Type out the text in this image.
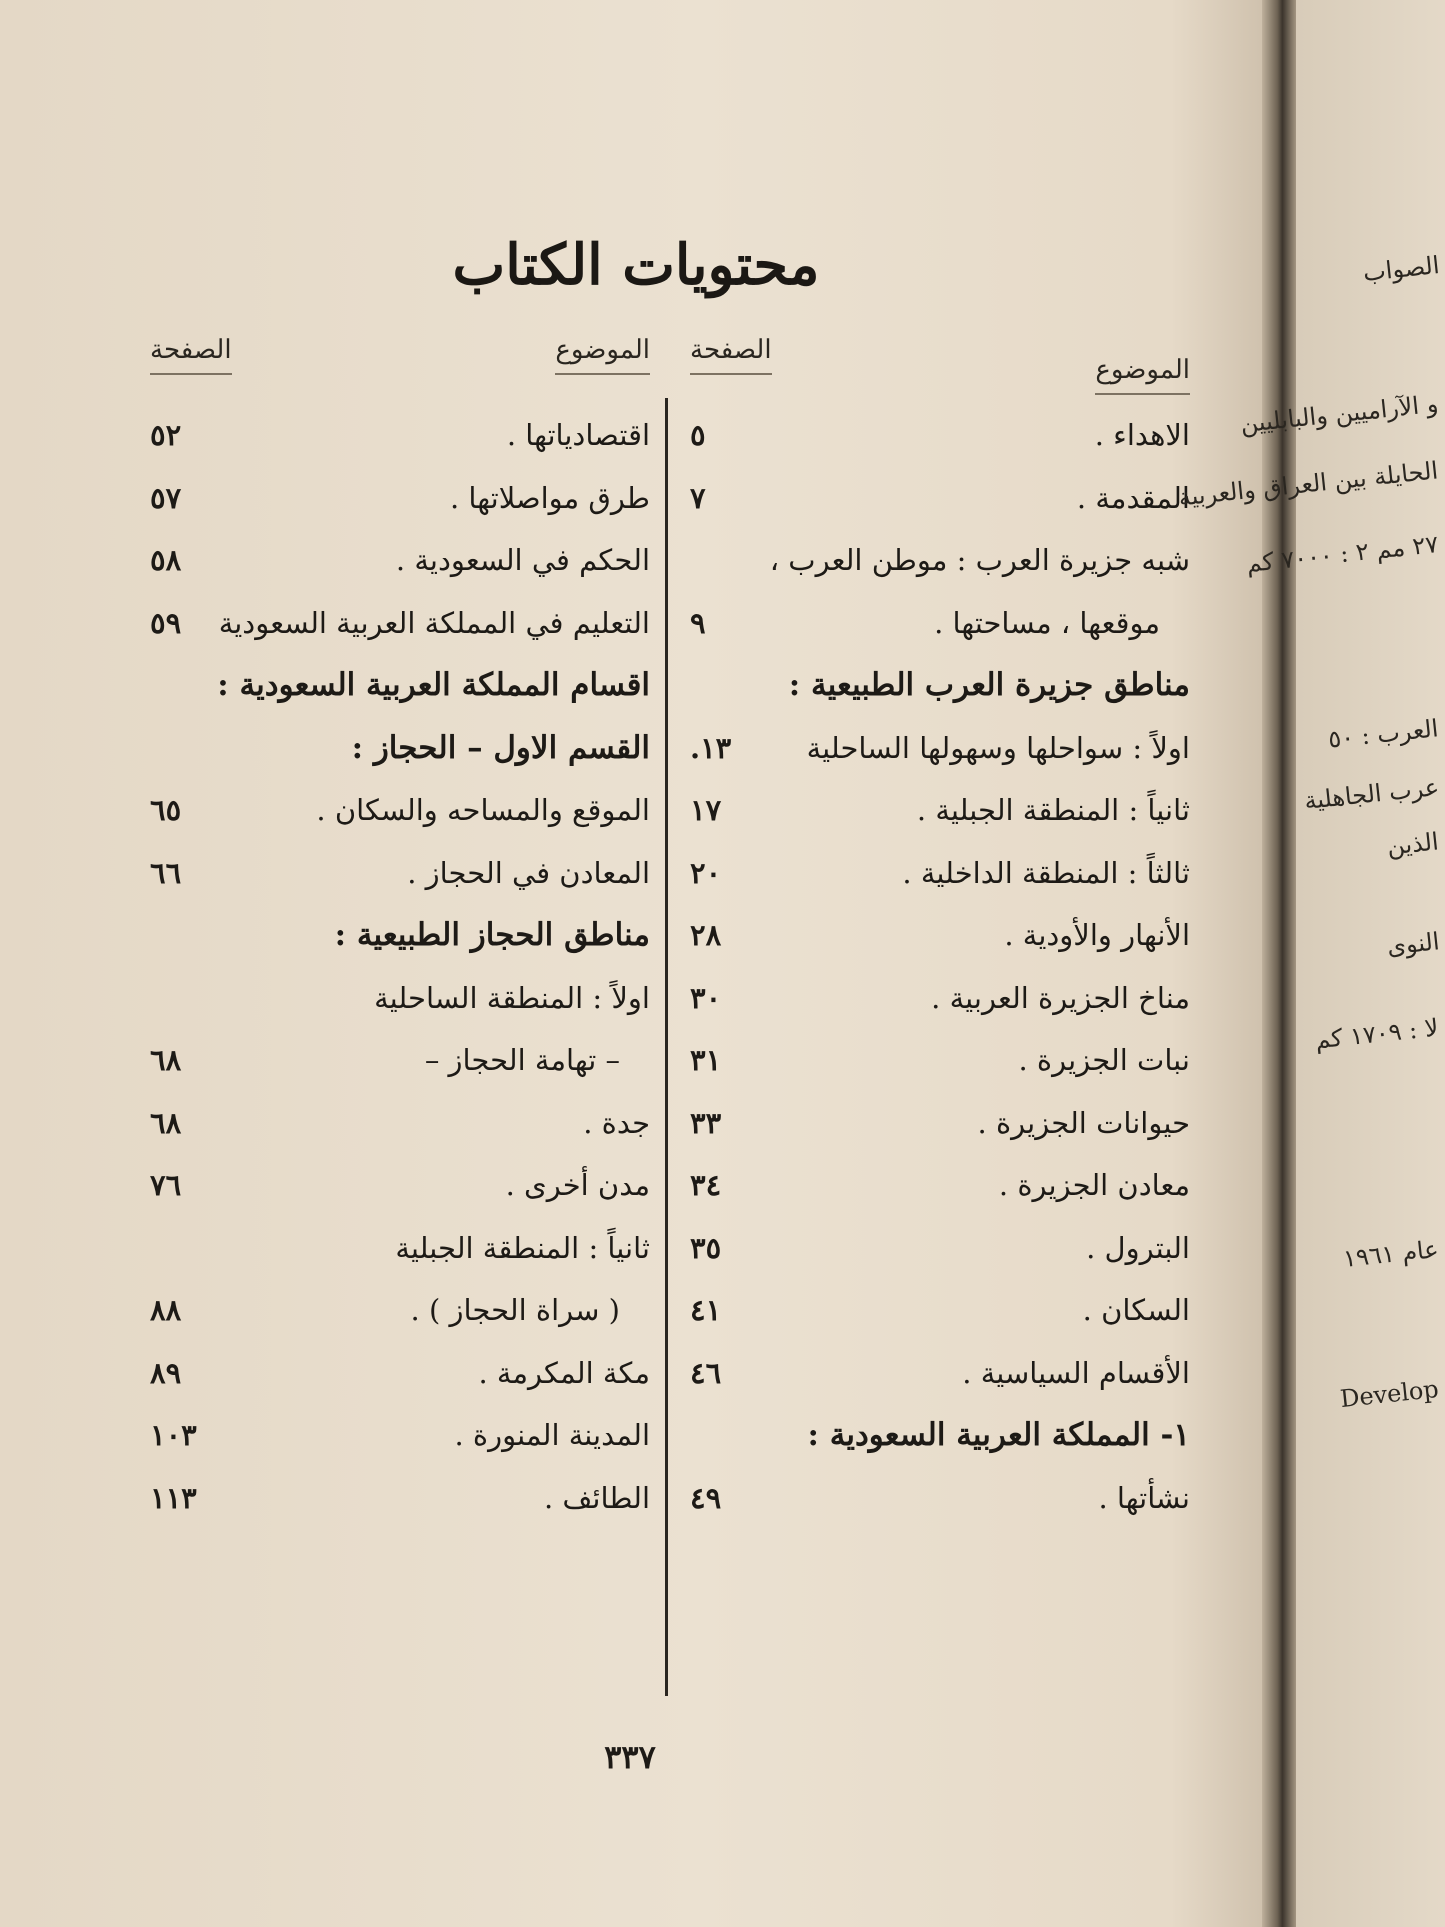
محتويات الكتاب
الموضوع
الصفحة
الاهداء .
٥
المقدمة .
٧
شبه جزيرة العرب : موطن العرب ،
موقعها ، مساحتها .
٩
مناطق جزيرة العرب الطبيعية :
اولاً : سواحلها وسهولها الساحلية
١٣.
ثانياً : المنطقة الجبلية .
١٧
ثالثاً : المنطقة الداخلية .
٢٠
الأنهار والأودية .
٢٨
مناخ الجزيرة العربية .
٣٠
نبات الجزيرة .
٣١
حيوانات الجزيرة .
٣٣
معادن الجزيرة .
٣٤
البترول .
٣٥
السكان .
٤١
الأقسام السياسية .
٤٦
١- المملكة العربية السعودية :
نشأتها .
٤٩
الموضوع
الصفحة
اقتصادياتها .
٥٢
طرق مواصلاتها .
٥٧
الحكم في السعودية .
٥٨
التعليم في المملكة العربية السعودية
٥٩
اقسام المملكة العربية السعودية :
القسم الاول – الحجاز :
الموقع والمساحه والسكان .
٦٥
المعادن في الحجاز .
٦٦
مناطق الحجاز الطبيعية :
اولاً : المنطقة الساحلية
– تهامة الحجاز –
٦٨
جدة .
٦٨
مدن أخرى .
٧٦
ثانياً : المنطقة الجبلية
( سراة الحجاز ) .
٨٨
مكة المكرمة .
٨٩
المدينة المنورة .
١٠٣
الطائف .
١١٣
٣٣٧
الصواب
و الآراميين والبابليين
الحايلة بين العراق والعربية
٢٧ مم ٢ : ٧٠٠٠ كم
العرب : ٥٠
عرب الجاهلية
الذين
النوى
لا : ١٧٠٩ كم
عام ١٩٦١
Develop
